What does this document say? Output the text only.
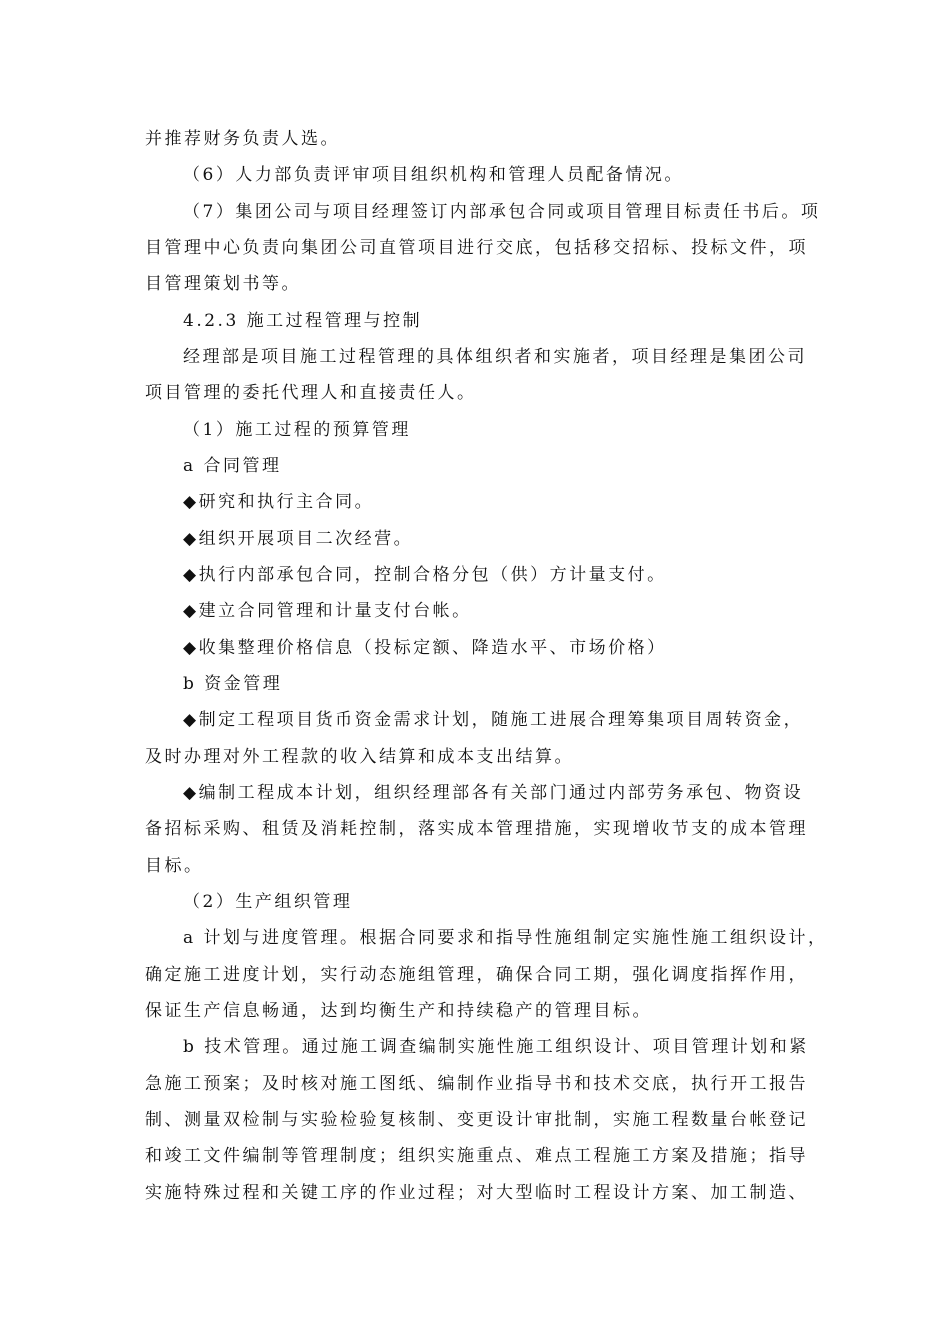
并推荐财务负责人选。
（6）人力部负责评审项目组织机构和管理人员配备情况。
（7）集团公司与项目经理签订内部承包合同或项目管理目标责任书后。项
目管理中心负责向集团公司直管项目进行交底，包括移交招标、投标文件，项
目管理策划书等。
4.2.3 施工过程管理与控制
经理部是项目施工过程管理的具体组织者和实施者，项目经理是集团公司
项目管理的委托代理人和直接责任人。
（1）施工过程的预算管理
a 合同管理
◆研究和执行主合同。
◆组织开展项目二次经营。
◆执行内部承包合同，控制合格分包（供）方计量支付。
◆建立合同管理和计量支付台帐。
◆收集整理价格信息（投标定额、降造水平、市场价格）
b 资金管理
◆制定工程项目货币资金需求计划，随施工进展合理筹集项目周转资金，
及时办理对外工程款的收入结算和成本支出结算。
◆编制工程成本计划，组织经理部各有关部门通过内部劳务承包、物资设
备招标采购、租赁及消耗控制，落实成本管理措施，实现增收节支的成本管理
目标。
（2）生产组织管理
a 计划与进度管理。根据合同要求和指导性施组制定实施性施工组织设计，
确定施工进度计划，实行动态施组管理，确保合同工期，强化调度指挥作用，
保证生产信息畅通，达到均衡生产和持续稳产的管理目标。
b 技术管理。通过施工调查编制实施性施工组织设计、项目管理计划和紧
急施工预案；及时核对施工图纸、编制作业指导书和技术交底，执行开工报告
制、测量双检制与实验检验复核制、变更设计审批制，实施工程数量台帐登记
和竣工文件编制等管理制度；组织实施重点、难点工程施工方案及措施；指导
实施特殊过程和关键工序的作业过程；对大型临时工程设计方案、加工制造、
